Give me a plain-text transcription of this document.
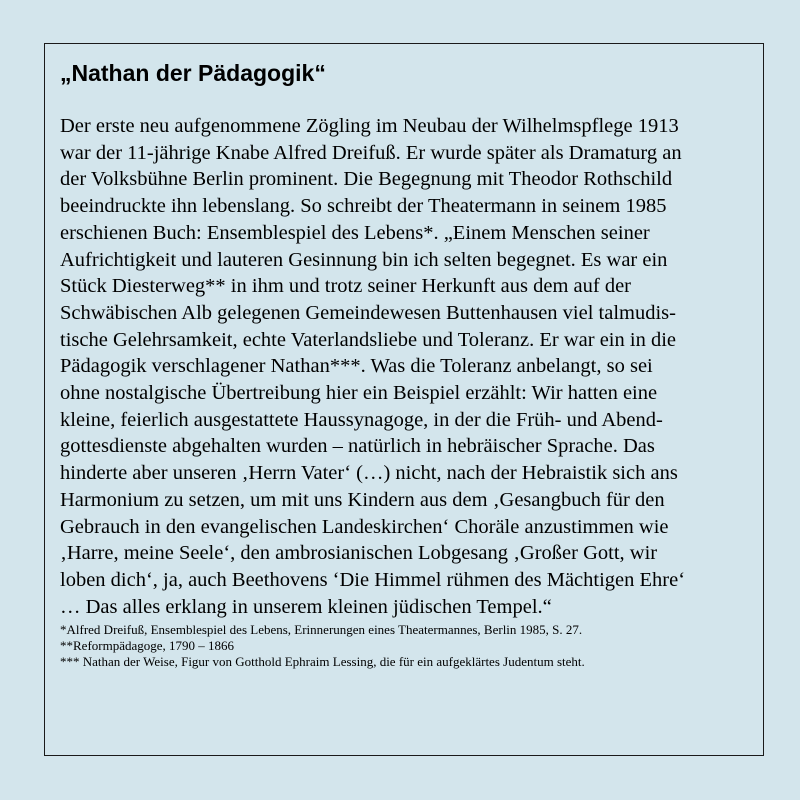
„Nathan der Pädagogik“
Der erste neu aufgenommene Zögling im Neubau der Wilhelmspflege 1913
war der 11-jährige Knabe Alfred Dreifuß. Er wurde später als Dramaturg an
der Volksbühne Berlin prominent. Die Begegnung mit Theodor Rothschild
beeindruckte ihn lebenslang. So schreibt der Theatermann in seinem 1985
erschienen Buch: Ensemblespiel des Lebens*. „Einem Menschen seiner
Aufrichtigkeit und lauteren Gesinnung bin ich selten begegnet. Es war ein
Stück Diesterweg** in ihm und trotz seiner Herkunft aus dem auf der
Schwäbischen Alb gelegenen Gemeindewesen Buttenhausen viel talmudis-
tische Gelehrsamkeit, echte Vaterlandsliebe und Toleranz. Er war ein in die
Pädagogik verschlagener Nathan***. Was die Toleranz anbelangt, so sei
ohne nostalgische Übertreibung hier ein Beispiel erzählt: Wir hatten eine
kleine, feierlich ausgestattete Haussynagoge, in der die Früh- und Abend-
gottesdienste abgehalten wurden – natürlich in hebräischer Sprache. Das
hinderte aber unseren ‚Herrn Vater‘ (…) nicht, nach der Hebraistik sich ans
Harmonium zu setzen, um mit uns Kindern aus dem ‚Gesangbuch für den
Gebrauch in den evangelischen Landeskirchen‘ Choräle anzustimmen wie
‚Harre, meine Seele‘, den ambrosianischen Lobgesang ‚Großer Gott, wir
loben dich‘, ja, auch Beethovens ‘Die Himmel rühmen des Mächtigen Ehre‘
… Das alles erklang in unserem kleinen jüdischen Tempel.“
*Alfred Dreifuß, Ensemblespiel des Lebens, Erinnerungen eines Theatermannes, Berlin 1985, S. 27.
**Reformpädagoge, 1790 – 1866
*** Nathan der Weise, Figur von Gotthold Ephraim Lessing, die für ein aufgeklärtes Judentum steht.
